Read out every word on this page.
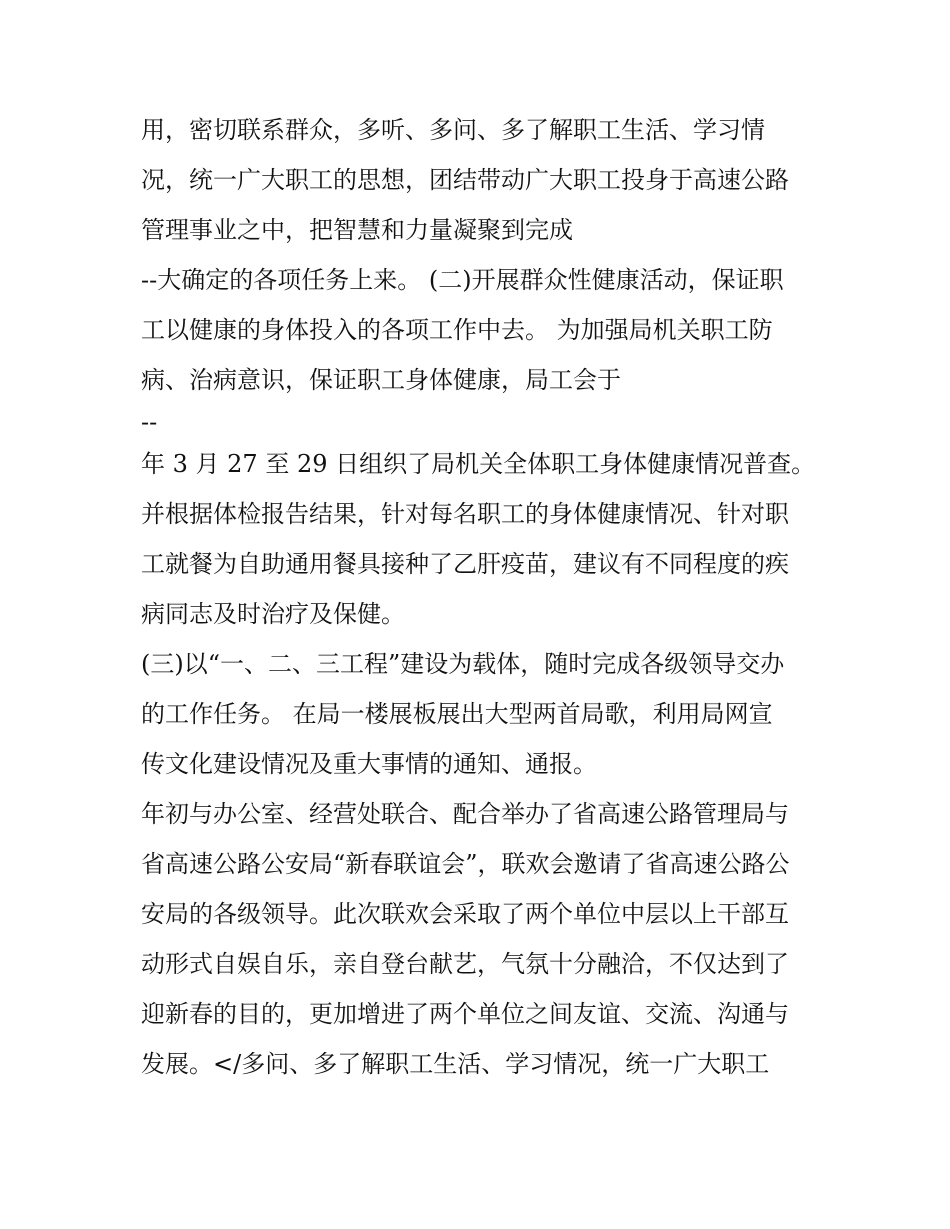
用，密切联系群众，多听、多问、多了解职工生活、学习情
况，统一广大职工的思想，团结带动广大职工投身于高速公路
管理事业之中，把智慧和力量凝聚到完成
--大确定的各项任务上来。 (二)开展群众性健康活动，保证职
工以健康的身体投入的各项工作中去。 为加强局机关职工防
病、治病意识，保证职工身体健康，局工会于
--
年 3 月 27 至 29 日组织了局机关全体职工身体健康情况普查。
并根据体检报告结果，针对每名职工的身体健康情况、针对职
工就餐为自助通用餐具接种了乙肝疫苗，建议有不同程度的疾
病同志及时治疗及保健。
(三)以“一、二、三工程”建设为载体，随时完成各级领导交办
的工作任务。 在局一楼展板展出大型两首局歌，利用局网宣
传文化建设情况及重大事情的通知、通报。
年初与办公室、经营处联合、配合举办了省高速公路管理局与
省高速公路公安局“新春联谊会”，联欢会邀请了省高速公路公
安局的各级领导。此次联欢会采取了两个单位中层以上干部互
动形式自娱自乐，亲自登台献艺，气氛十分融洽，不仅达到了
迎新春的目的，更加增进了两个单位之间友谊、交流、沟通与
发展。</多问、多了解职工生活、学习情况，统一广大职工
